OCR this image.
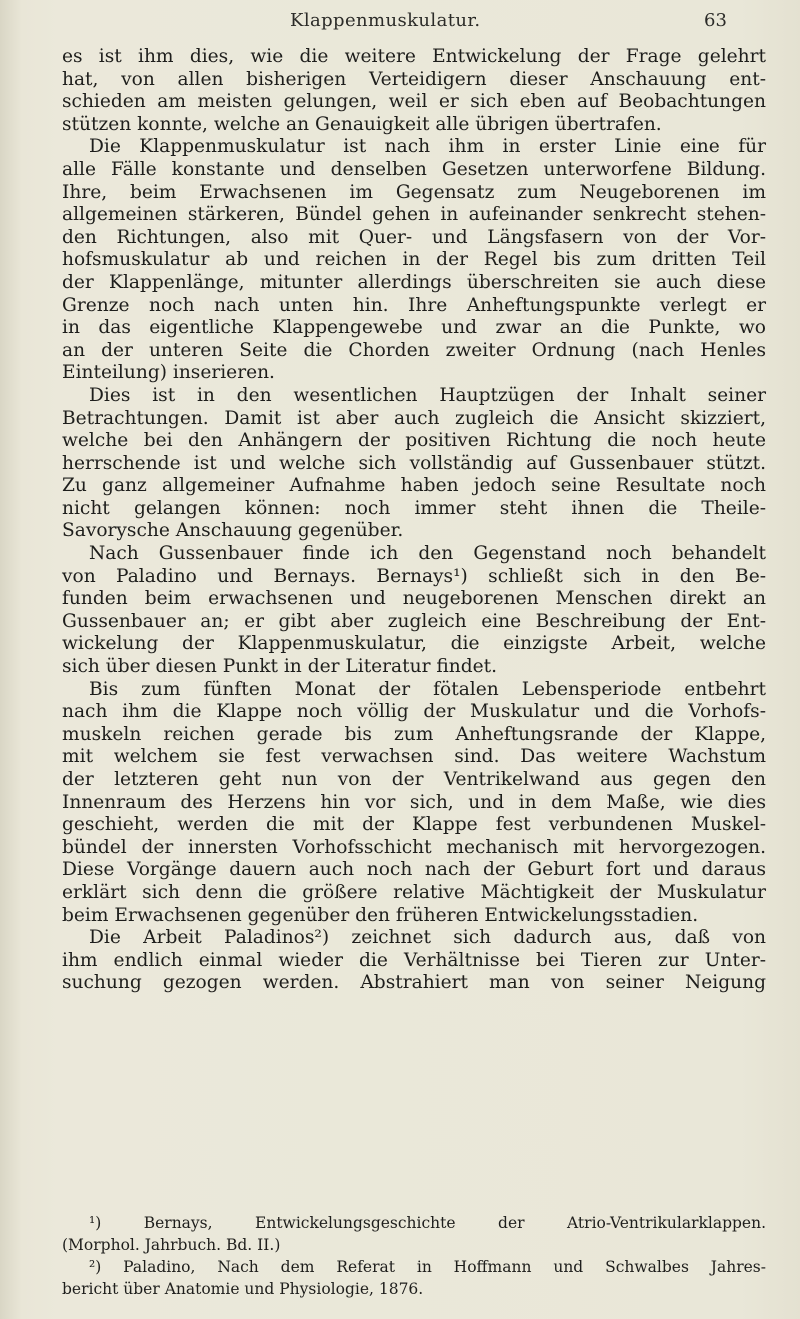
Klappenmuskulatur.	63
es ist ihm dies, wie die weitere Entwickelung der Frage gelehrt
hat, von allen bisherigen Verteidigern dieser Anschauung ent-
schieden am meisten gelungen, weil er sich eben auf Beobachtungen
stützen konnte, welche an Genauigkeit alle übrigen übertrafen.
Die Klappenmuskulatur ist nach ihm in erster Linie eine für
alle Fälle konstante und denselben Gesetzen unterworfene Bildung.
Ihre, beim Erwachsenen im Gegensatz zum Neugeborenen im
allgemeinen stärkeren, Bündel gehen in aufeinander senkrecht stehen-
den Richtungen, also mit Quer- und Längsfasern von der Vor-
hofsmuskulatur ab und reichen in der Regel bis zum dritten Teil
der Klappenlänge, mitunter allerdings überschreiten sie auch diese
Grenze noch nach unten hin. Ihre Anheftungspunkte verlegt er
in das eigentliche Klappengewebe und zwar an die Punkte, wo
an der unteren Seite die Chorden zweiter Ordnung (nach Henles
Einteilung) inserieren.
Dies ist in den wesentlichen Hauptzügen der Inhalt seiner
Betrachtungen. Damit ist aber auch zugleich die Ansicht skizziert,
welche bei den Anhängern der positiven Richtung die noch heute
herrschende ist und welche sich vollständig auf Gussenbauer stützt.
Zu ganz allgemeiner Aufnahme haben jedoch seine Resultate noch
nicht gelangen können: noch immer steht ihnen die Theile-
Savorysche Anschauung gegenüber.
Nach Gussenbauer finde ich den Gegenstand noch behandelt
von Paladino und Bernays. Bernays¹) schließt sich in den Be-
funden beim erwachsenen und neugeborenen Menschen direkt an
Gussenbauer an; er gibt aber zugleich eine Beschreibung der Ent-
wickelung der Klappenmuskulatur, die einzigste Arbeit, welche
sich über diesen Punkt in der Literatur findet.
Bis zum fünften Monat der fötalen Lebensperiode entbehrt
nach ihm die Klappe noch völlig der Muskulatur und die Vorhofs-
muskeln reichen gerade bis zum Anheftungsrande der Klappe,
mit welchem sie fest verwachsen sind. Das weitere Wachstum
der letzteren geht nun von der Ventrikelwand aus gegen den
Innenraum des Herzens hin vor sich, und in dem Maße, wie dies
geschieht, werden die mit der Klappe fest verbundenen Muskel-
bündel der innersten Vorhofsschicht mechanisch mit hervorgezogen.
Diese Vorgänge dauern auch noch nach der Geburt fort und daraus
erklärt sich denn die größere relative Mächtigkeit der Muskulatur
beim Erwachsenen gegenüber den früheren Entwickelungsstadien.
Die Arbeit Paladinos²) zeichnet sich dadurch aus, daß von
ihm endlich einmal wieder die Verhältnisse bei Tieren zur Unter-
suchung gezogen werden. Abstrahiert man von seiner Neigung
¹) Bernays, Entwickelungsgeschichte der Atrio-Ventrikularklappen.
(Morphol. Jahrbuch. Bd. II.)
²) Paladino, Nach dem Referat in Hoffmann und Schwalbes Jahres-
bericht über Anatomie und Physiologie, 1876.
